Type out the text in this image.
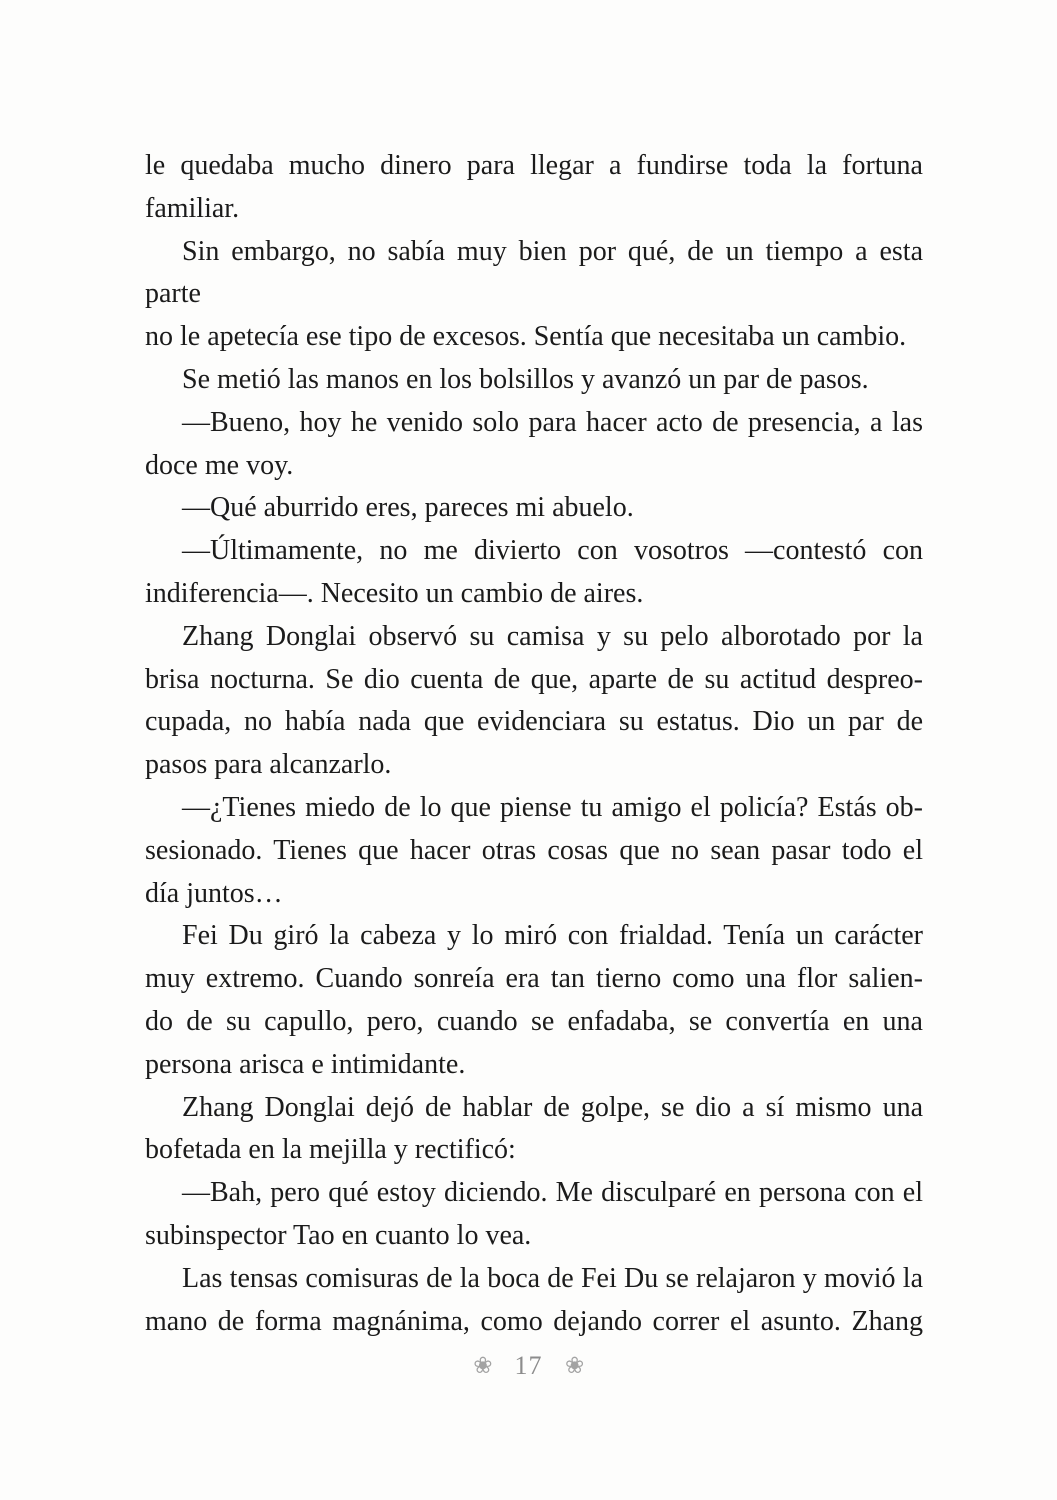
le quedaba mucho dinero para llegar a fundirse toda la fortuna
familiar.
Sin embargo, no sabía muy bien por qué, de un tiempo a esta parte
no le apetecía ese tipo de excesos. Sentía que necesitaba un cambio.
Se metió las manos en los bolsillos y avanzó un par de pasos.
—Bueno, hoy he venido solo para hacer acto de presencia, a las
doce me voy.
—Qué aburrido eres, pareces mi abuelo.
—Últimamente, no me divierto con vosotros —contestó con
indiferencia—. Necesito un cambio de aires.
Zhang Donglai observó su camisa y su pelo alborotado por la
brisa nocturna. Se dio cuenta de que, aparte de su actitud despreo-
cupada, no había nada que evidenciara su estatus. Dio un par de
pasos para alcanzarlo.
—¿Tienes miedo de lo que piense tu amigo el policía? Estás ob-
sesionado. Tienes que hacer otras cosas que no sean pasar todo el
día juntos…
Fei Du giró la cabeza y lo miró con frialdad. Tenía un carácter
muy extremo. Cuando sonreía era tan tierno como una flor salien-
do de su capullo, pero, cuando se enfadaba, se convertía en una
persona arisca e intimidante.
Zhang Donglai dejó de hablar de golpe, se dio a sí mismo una
bofetada en la mejilla y rectificó:
—Bah, pero qué estoy diciendo. Me disculparé en persona con el
subinspector Tao en cuanto lo vea.
Las tensas comisuras de la boca de Fei Du se relajaron y movió la
mano de forma magnánima, como dejando correr el asunto. Zhang
❀ 17 ❀
